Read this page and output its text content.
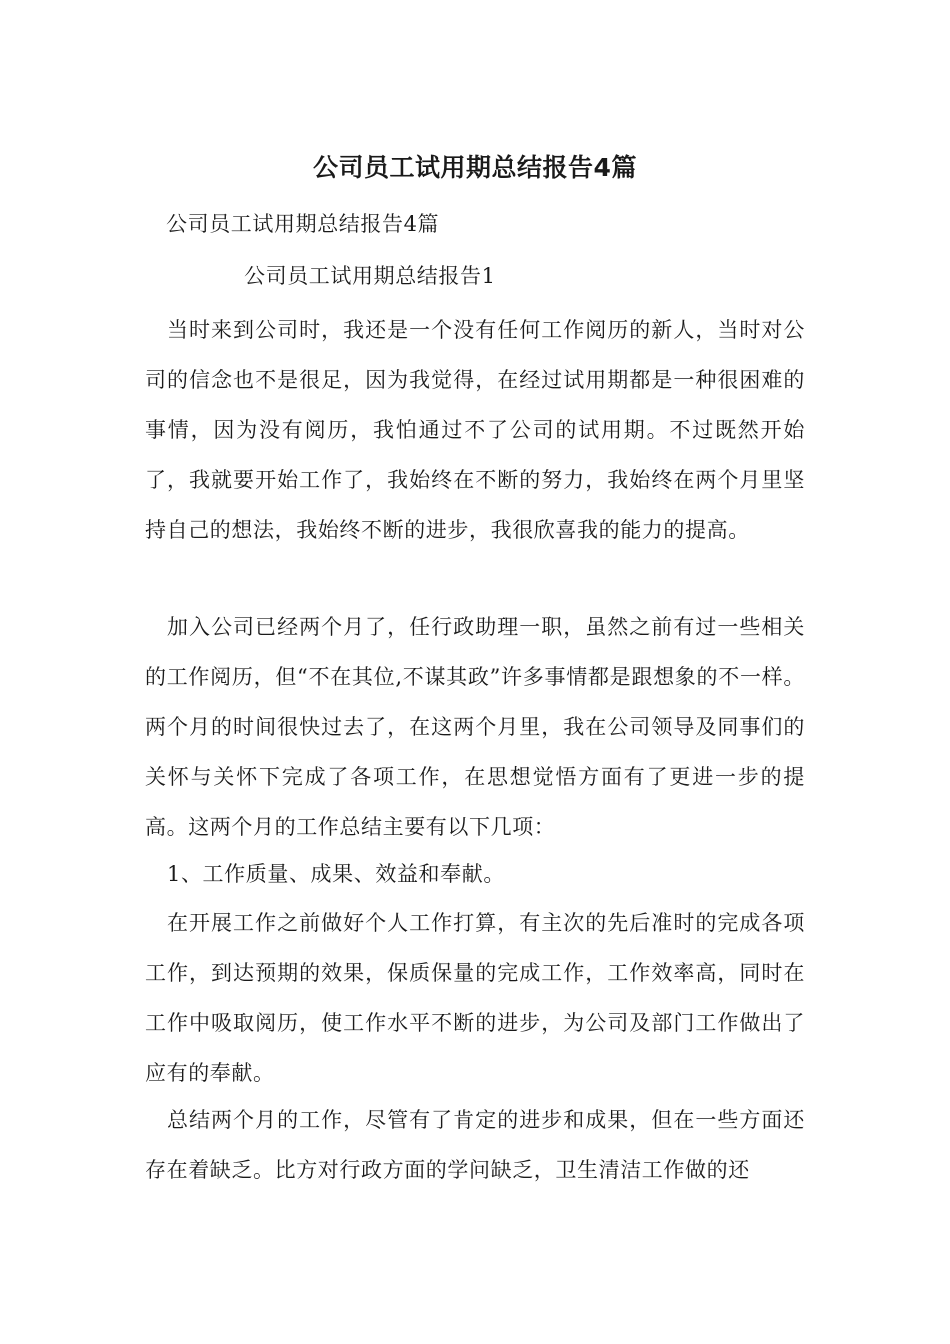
公司员工试用期总结报告4篇
公司员工试用期总结报告4篇
公司员工试用期总结报告1

当时来到公司时，我还是一个没有任何工作阅历的新人，当时对公司的信念也不是很足，因为我觉得，在经过试用期都是一种很困难的事情，因为没有阅历，我怕通过不了公司的试用期。不过既然开始了，我就要开始工作了，我始终在不断的努力，我始终在两个月里坚持自己的想法，我始终不断的进步，我很欣喜我的能力的提高。

加入公司已经两个月了，任行政助理一职，虽然之前有过一些相关的工作阅历，但“不在其位,不谋其政”许多事情都是跟想象的不一样。两个月的时间很快过去了，在这两个月里，我在公司领导及同事们的关怀与关怀下完成了各项工作，在思想觉悟方面有了更进一步的提高。这两个月的工作总结主要有以下几项：

1、工作质量、成果、效益和奉献。

在开展工作之前做好个人工作打算，有主次的先后准时的完成各项工作，到达预期的效果，保质保量的完成工作，工作效率高，同时在工作中吸取阅历，使工作水平不断的进步，为公司及部门工作做出了应有的奉献。

总结两个月的工作，尽管有了肯定的进步和成果，但在一些方面还存在着缺乏。比方对行政方面的学问缺乏，卫生清洁工作做的还
